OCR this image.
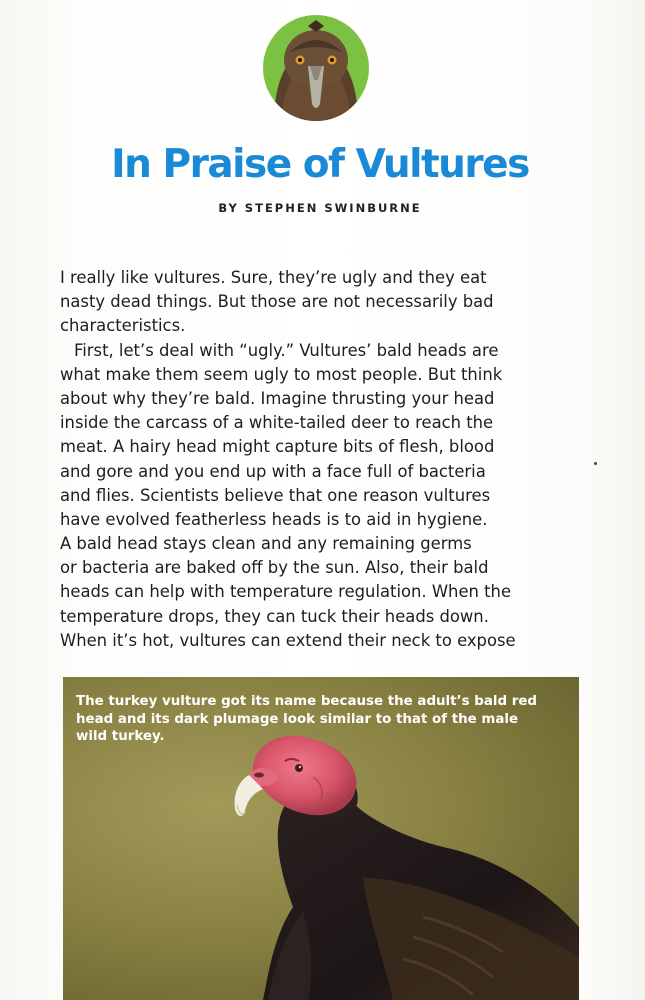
In Praise of Vultures
BY STEPHEN SWINBURNE
I really like vultures. Sure, they’re ugly and they eat
nasty dead things. But those are not necessarily bad
characteristics.
First, let’s deal with “ugly.” Vultures’ bald heads are
what make them seem ugly to most people. But think
about why they’re bald. Imagine thrusting your head
inside the carcass of a white-tailed deer to reach the
meat. A hairy head might capture bits of flesh, blood
and gore and you end up with a face full of bacteria
and flies. Scientists believe that one reason vultures
have evolved featherless heads is to aid in hygiene.
A bald head stays clean and any remaining germs
or bacteria are baked off by the sun. Also, their bald
heads can help with temperature regulation. When the
temperature drops, they can tuck their heads down.
When it’s hot, vultures can extend their neck to expose
The turkey vulture got its name because the adult’s bald red
head and its dark plumage look similar to that of the male
wild turkey.
